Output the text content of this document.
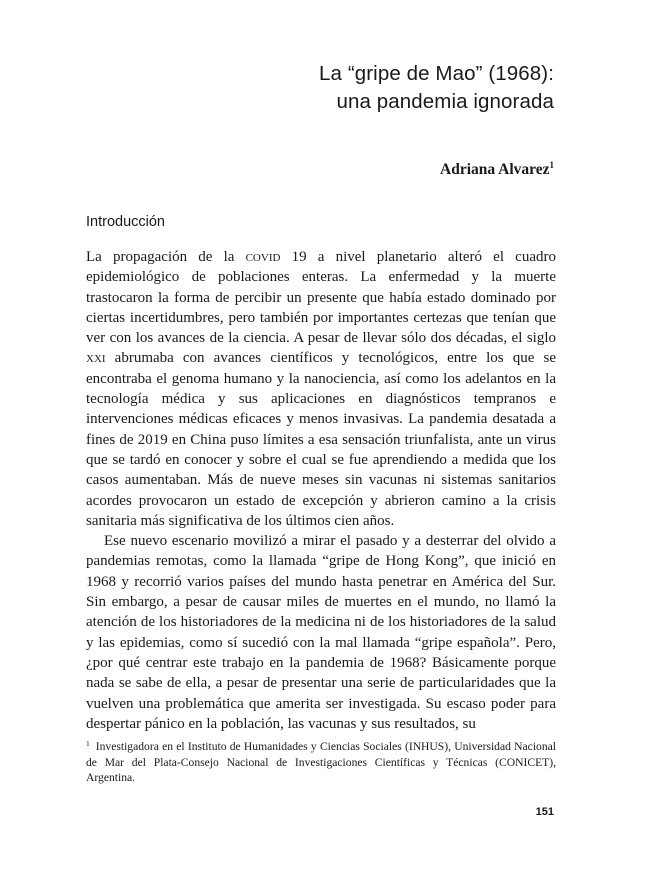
La “gripe de Mao” (1968):
una pandemia ignorada
Adriana Alvarez$^1$
Introducción

La propagación de la covid 19 a nivel planetario alteró el cuadro epidemiológico de poblaciones enteras. La enfermedad y la muerte trastocaron la forma de percibir un presente que había estado dominado por ciertas incertidumbres, pero también por importantes certezas que tenían que ver con los avances de la ciencia. A pesar de llevar sólo dos décadas, el siglo xxi abrumaba con avances científicos y tecnológicos, entre los que se encontraba el genoma humano y la nanociencia, así como los adelantos en la tecnología médica y sus aplicaciones en diagnósticos tempranos e intervenciones médicas eficaces y menos invasivas. La pandemia desatada a fines de 2019 en China puso límites a esa sensación triunfalista, ante un virus que se tardó en conocer y sobre el cual se fue aprendiendo a medida que los casos aumentaban. Más de nueve meses sin vacunas ni sistemas sanitarios acordes provocaron un estado de excepción y abrieron camino a la crisis sanitaria más significativa de los últimos cien años.

Ese nuevo escenario movilizó a mirar el pasado y a desterrar del olvido a pandemias remotas, como la llamada “gripe de Hong Kong”, que inició en 1968 y recorrió varios países del mundo hasta penetrar en América del Sur. Sin embargo, a pesar de causar miles de muertes en el mundo, no llamó la atención de los historiadores de la medicina ni de los historiadores de la salud y las epidemias, como sí sucedió con la mal llamada “gripe española”. Pero, ¿por qué centrar este trabajo en la pandemia de 1968? Básicamente porque nada se sabe de ella, a pesar de presentar una serie de particularidades que la vuelven una problemática que amerita ser investigada. Su escaso poder para despertar pánico en la población, las vacunas y sus resultados, su

$^1$ Investigadora en el Instituto de Humanidades y Ciencias Sociales (INHUS), Universidad Nacional de Mar del Plata-Consejo Nacional de Investigaciones Científicas y Técnicas (CONICET), Argentina.
151
